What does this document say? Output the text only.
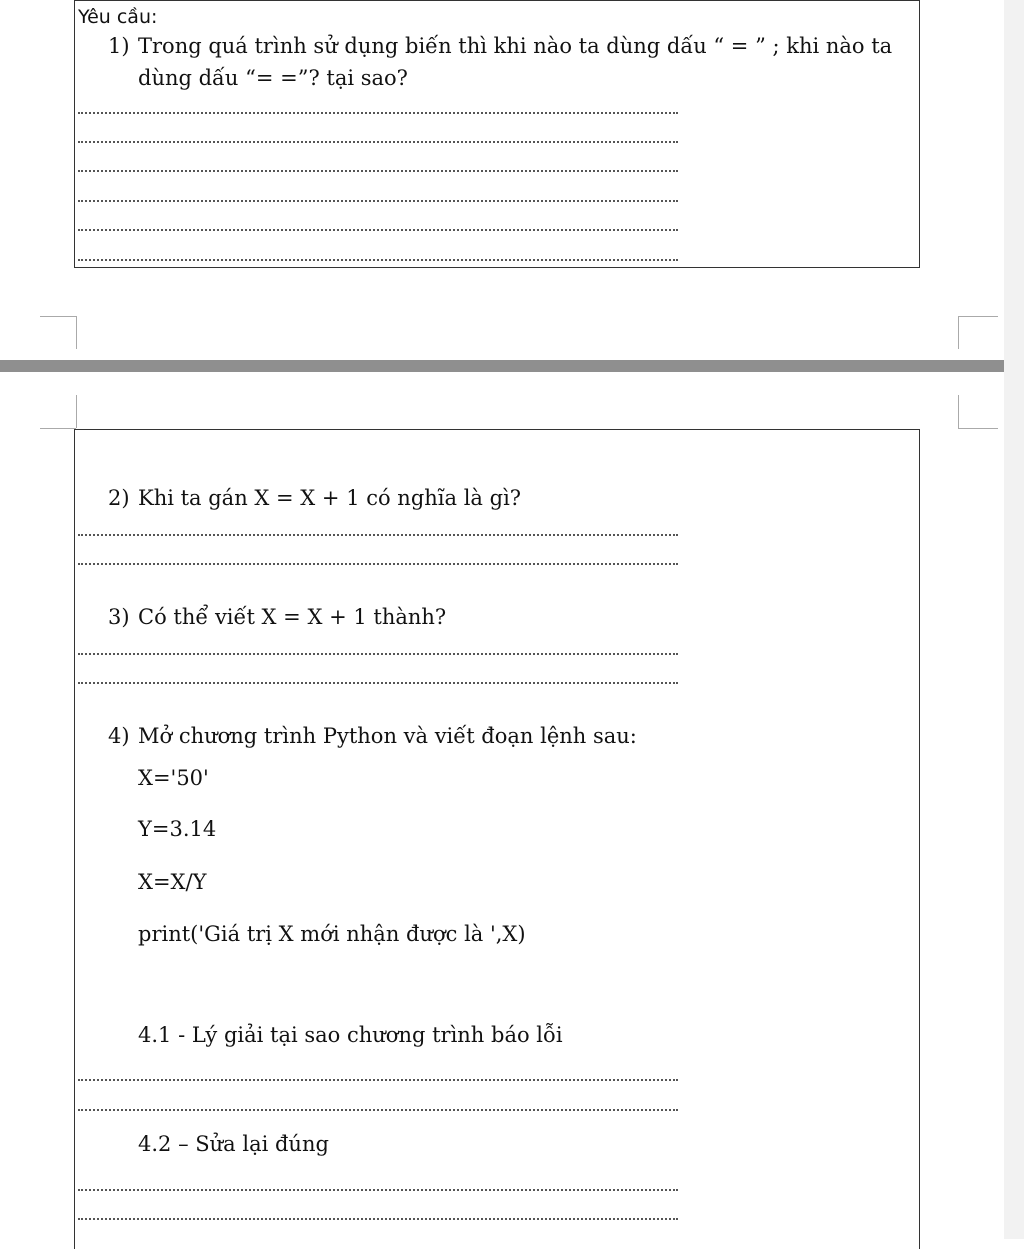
Yêu cầu:
1) Trong quá trình sử dụng biến thì khi nào ta dùng dấu “ = ” ; khi nào ta
dùng dấu “= =”? tại sao?
2) Khi ta gán X = X + 1 có nghĩa là gì?
3) Có thể viết X = X + 1 thành?
4) Mở chương trình Python và viết đoạn lệnh sau:
X='50'
Y=3.14
X=X/Y
print('Giá trị X mới nhận được là ',X)
4.1 - Lý giải tại sao chương trình báo lỗi
4.2 – Sửa lại đúng
